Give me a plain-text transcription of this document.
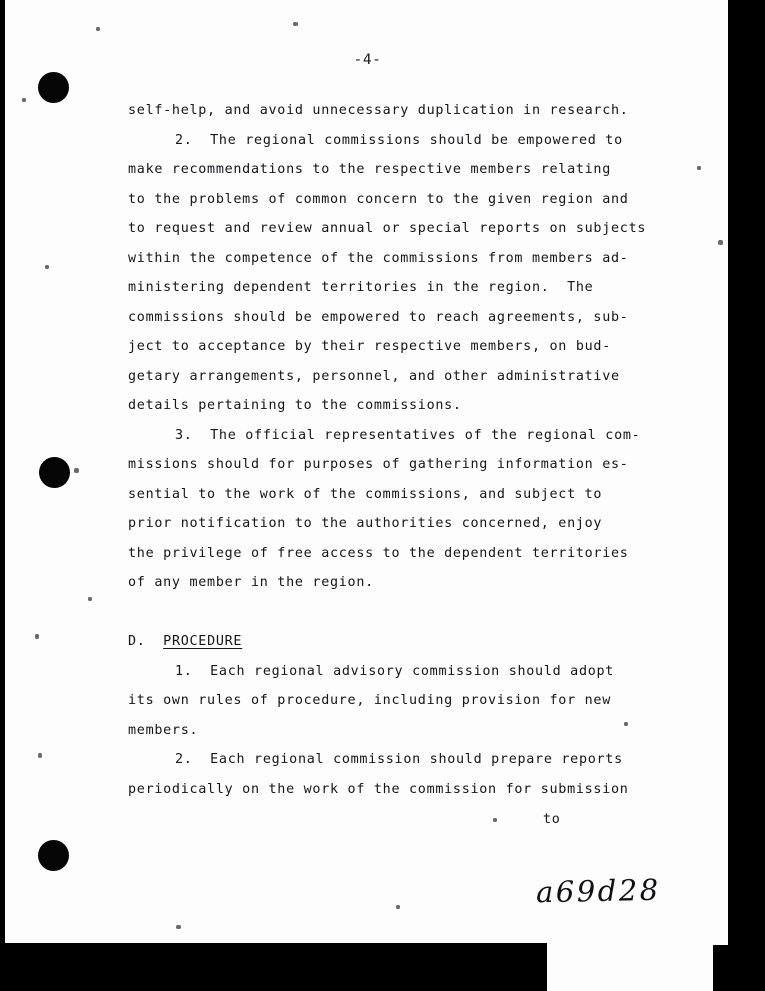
-4-
self-help, and avoid unnecessary duplication in research.
2.  The regional commissions should be empowered to
make recommendations to the respective members relating
to the problems of common concern to the given region and
to request and review annual or special reports on subjects
within the competence of the commissions from members ad-
ministering dependent territories in the region.  The
commissions should be empowered to reach agreements, sub-
ject to acceptance by their respective members, on bud-
getary arrangements, personnel, and other administrative
details pertaining to the commissions.
3.  The official representatives of the regional com-
missions should for purposes of gathering information es-
sential to the work of the commissions, and subject to
prior notification to the authorities concerned, enjoy
the privilege of free access to the dependent territories
of any member in the region.
D. PROCEDURE
1.  Each regional advisory commission should adopt
its own rules of procedure, including provision for new
members.
2.  Each regional commission should prepare reports
periodically on the work of the commission for submission
to
a69d28
